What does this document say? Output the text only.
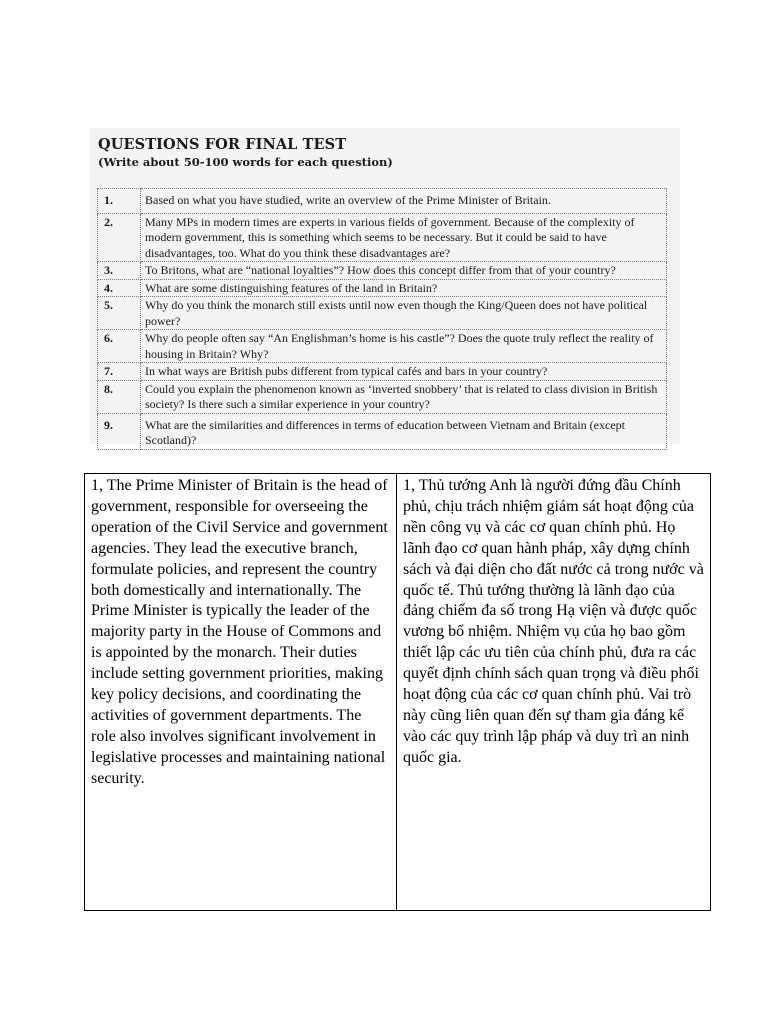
QUESTIONS FOR FINAL TEST
(Write about 50-100 words for each question)
1.	Based on what you have studied, write an overview of the Prime Minister of Britain.
2.	Many MPs in modern times are experts in various fields of government. Because of the complexity of modern government, this is something which seems to be necessary. But it could be said to have disadvantages, too. What do you think these disadvantages are?
3.	To Britons, what are “national loyalties”? How does this concept differ from that of your country?
4.	What are some distinguishing features of the land in Britain?
5.	Why do you think the monarch still exists until now even though the King/Queen does not have political power?
6.	Why do people often say “An Englishman’s home is his castle”? Does the quote truly reflect the reality of housing in Britain? Why?
7.	In what ways are British pubs different from typical cafés and bars in your country?
8.	Could you explain the phenomenon known as ‘inverted snobbery’ that is related to class division in British society? Is there such a similar experience in your country?
9.	What are the similarities and differences in terms of education between Vietnam and Britain (except Scotland)?
1, The Prime Minister of Britain is the head of government, responsible for overseeing the operation of the Civil Service and government agencies. They lead the executive branch, formulate policies, and represent the country both domestically and internationally. The Prime Minister is typically the leader of the majority party in the House of Commons and is appointed by the monarch. Their duties include setting government priorities, making key policy decisions, and coordinating the activities of government departments. The role also involves significant involvement in legislative processes and maintaining national security.	1, Thủ tướng Anh là người đứng đầu Chính phủ, chịu trách nhiệm giám sát hoạt động của nền công vụ và các cơ quan chính phủ. Họ lãnh đạo cơ quan hành pháp, xây dựng chính sách và đại diện cho đất nước cả trong nước và quốc tế. Thủ tướng thường là lãnh đạo của đảng chiếm đa số trong Hạ viện và được quốc vương bổ nhiệm. Nhiệm vụ của họ bao gồm thiết lập các ưu tiên của chính phủ, đưa ra các quyết định chính sách quan trọng và điều phối hoạt động của các cơ quan chính phủ. Vai trò này cũng liên quan đến sự tham gia đáng kể vào các quy trình lập pháp và duy trì an ninh quốc gia.
